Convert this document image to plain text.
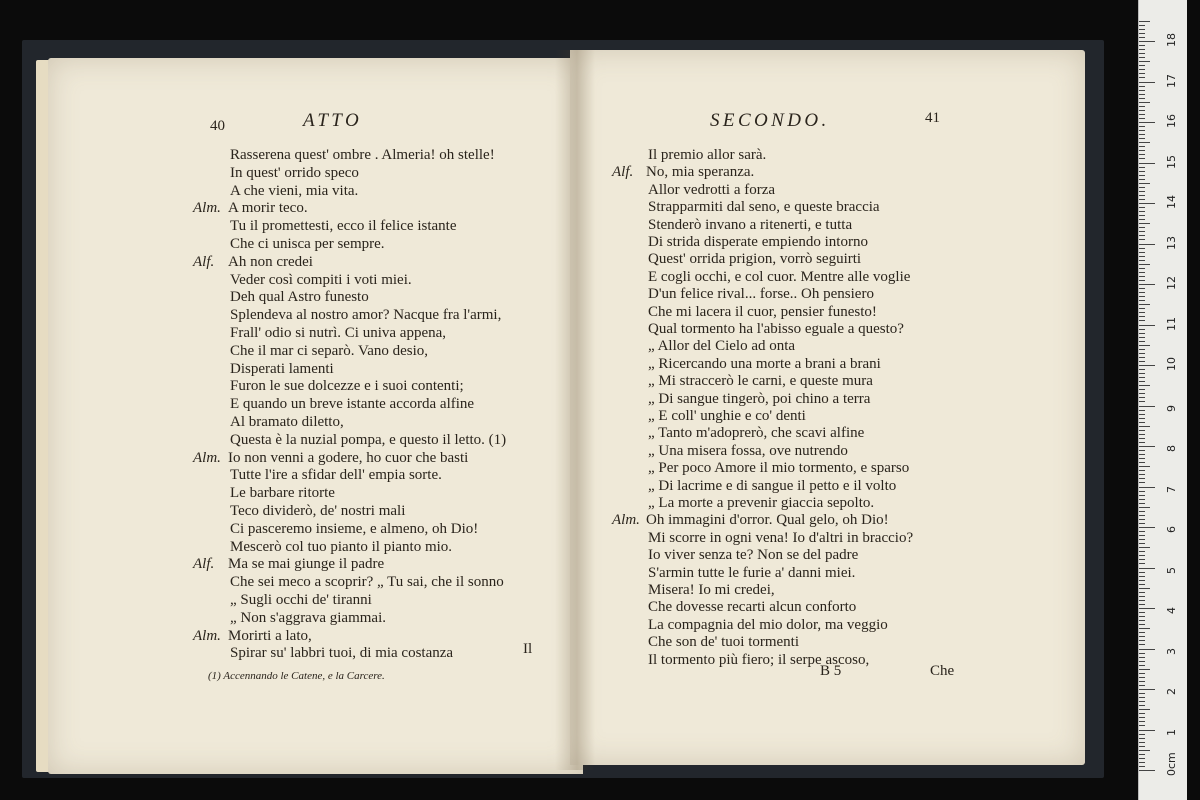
40	ATTO
Rasserena quest' ombre . Almeria! oh stelle!
In quest' orrido speco
A che vieni, mia vita.
Alm. A morir teco.
Tu il promettesti, ecco il felice istante
Che ci unisca per sempre.
Alf. Ah non credei
Veder così compiti i voti miei.
Deh qual Astro funesto
Splendeva al nostro amor? Nacque fra l'armi,
Frall' odio si nutrì. Ci univa appena,
Che il mar ci separò. Vano desio,
Disperati lamenti
Furon le sue dolcezze e i suoi contenti;
E quando un breve istante accorda alfine
Al bramato diletto,
Questa è la nuzial pompa, e questo il letto. (1)
Alm. Io non venni a godere, ho cuor che basti
Tutte l'ire a sfidar dell' empia sorte.
Le barbare ritorte
Teco dividerò, de' nostri mali
Ci pasceremo insieme, e almeno, oh Dio!
Mescerò col tuo pianto il pianto mio.
Alf. Ma se mai giunge il padre
Che sei meco a scoprir? „ Tu sai, che il sonno
„ Sugli occhi de' tiranni
„ Non s'aggrava giammai.
Alm. Morirti a lato,
Spirar su' labbri tuoi, di mia costanza	Il
(1) Accennando le Catene, e la Carcere.
SECONDO.	41
Il premio allor sarà.
Alf. No, mia speranza.
Allor vedrotti a forza
Strapparmiti dal seno, e queste braccia
Stenderò invano a ritenerti, e tutta
Di strida disperate empiendo intorno
Quest' orrida prigion, vorrò seguirti
E cogli occhi, e col cuor. Mentre alle voglie
D'un felice rival... forse.. Oh pensiero
Che mi lacera il cuor, pensier funesto!
Qual tormento ha l'abisso eguale a questo?
„ Allor del Cielo ad onta
„ Ricercando una morte a brani a brani
„ Mi straccerò le carni, e queste mura
„ Di sangue tingerò, poi chino a terra
„ E coll' unghie e co' denti
„ Tanto m'adoprerò, che scavi alfine
„ Una misera fossa, ove nutrendo
„ Per poco Amore il mio tormento, e sparso
„ Di lacrime e di sangue il petto e il volto
„ La morte a prevenir giaccia sepolto.
Alm. Oh immagini d'orror. Qual gelo, oh Dio!
Mi scorre in ogni vena! Io d'altri in braccio?
Io viver senza te? Non se del padre
S'armin tutte le furie a' danni miei.
Misera! Io mi credei,
Che dovesse recarti alcun conforto
La compagnia del mio dolor, ma veggio
Che son de' tuoi tormenti
Il tormento più fiero; il serpe ascoso,
B 5	Che
0cm
1
2
3
4
5
6
7
8
9
10
11
12
13
14
15
16
17
18
